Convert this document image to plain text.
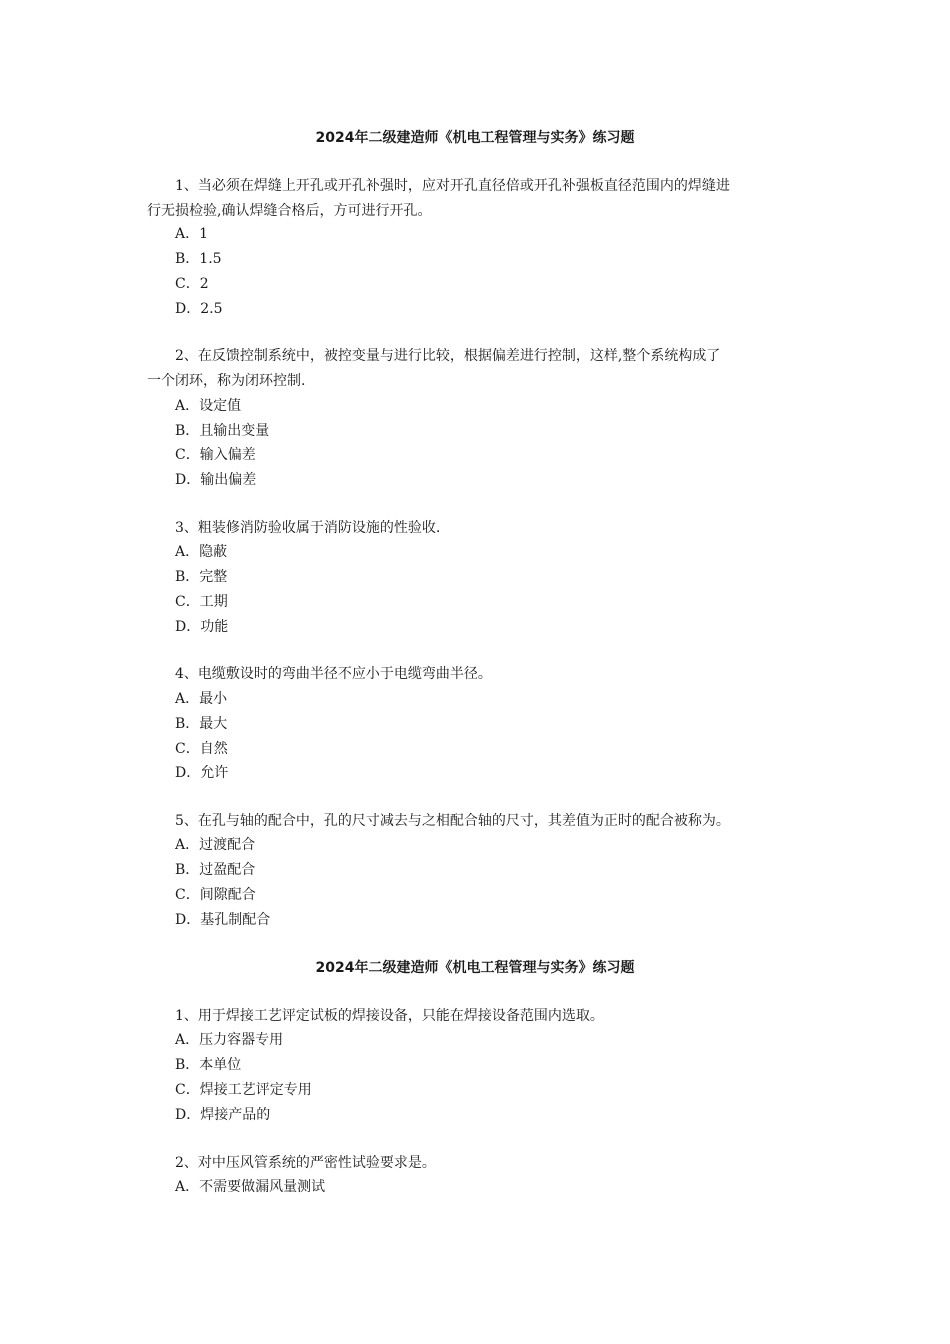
2024年二级建造师《机电工程管理与实务》练习题
1、当必须在焊缝上开孔或开孔补强时，应对开孔直径倍或开孔补强板直径范围内的焊缝进
行无损检验,确认焊缝合格后，方可进行开孔。

A．1

B．1.5

C．2

D．2.5

2、在反馈控制系统中，被控变量与进行比较，根据偏差进行控制，这样,整个系统构成了
一个闭环，称为闭环控制.

A．设定值

B．且输出变量

C．输入偏差

D．输出偏差

3、粗装修消防验收属于消防设施的性验收.

A．隐蔽

B．完整

C．工期

D．功能

4、电缆敷设时的弯曲半径不应小于电缆弯曲半径。

A．最小

B．最大

C．自然

D．允许

5、在孔与轴的配合中，孔的尺寸减去与之相配合轴的尺寸，其差值为正时的配合被称为。

A．过渡配合

B．过盈配合

C．间隙配合

D．基孔制配合

2024年二级建造师《机电工程管理与实务》练习题

1、用于焊接工艺评定试板的焊接设备，只能在焊接设备范围内选取。

A．压力容器专用

B．本单位

C．焊接工艺评定专用

D．焊接产品的

2、对中压风管系统的严密性试验要求是。

A．不需要做漏风量测试
